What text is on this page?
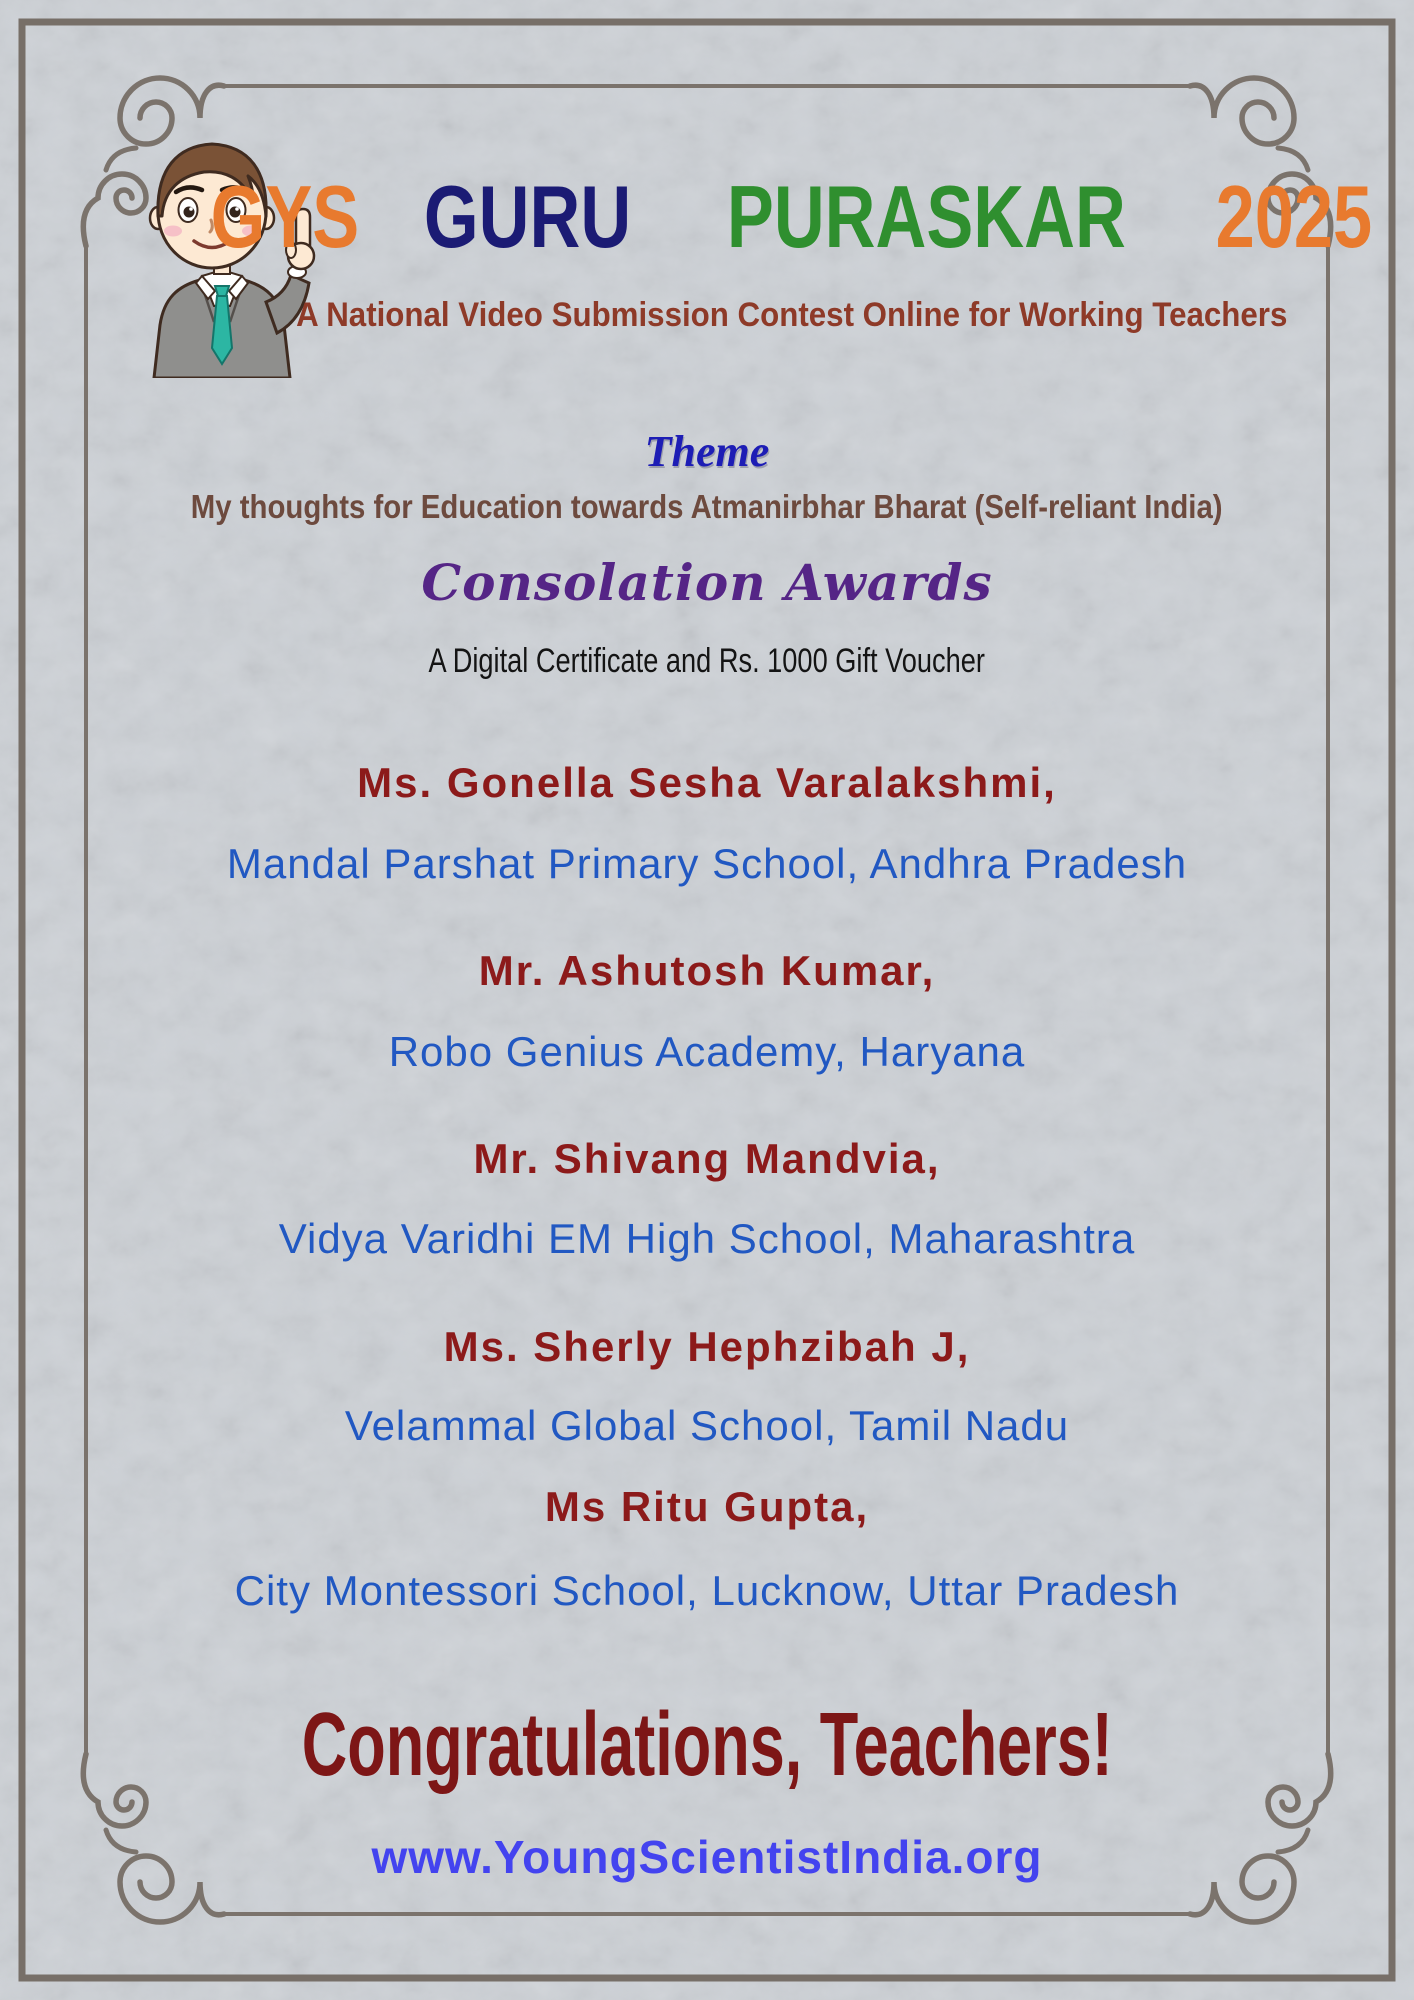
GYS GURU PURASKAR 2025
A National Video Submission Contest Online for Working Teachers
Theme
My thoughts for Education towards Atmanirbhar Bharat (Self-reliant India)
Consolation Awards
A Digital Certificate and Rs. 1000 Gift Voucher
Ms. Gonella Sesha Varalakshmi,
Mandal Parshat Primary School, Andhra Pradesh
Mr. Ashutosh Kumar,
Robo Genius Academy, Haryana
Mr. Shivang Mandvia,
Vidya Varidhi EM High School, Maharashtra
Ms. Sherly Hephzibah J,
Velammal Global School, Tamil Nadu
Ms Ritu Gupta,
City Montessori School, Lucknow, Uttar Pradesh
Congratulations, Teachers!
www.YoungScientistIndia.org
